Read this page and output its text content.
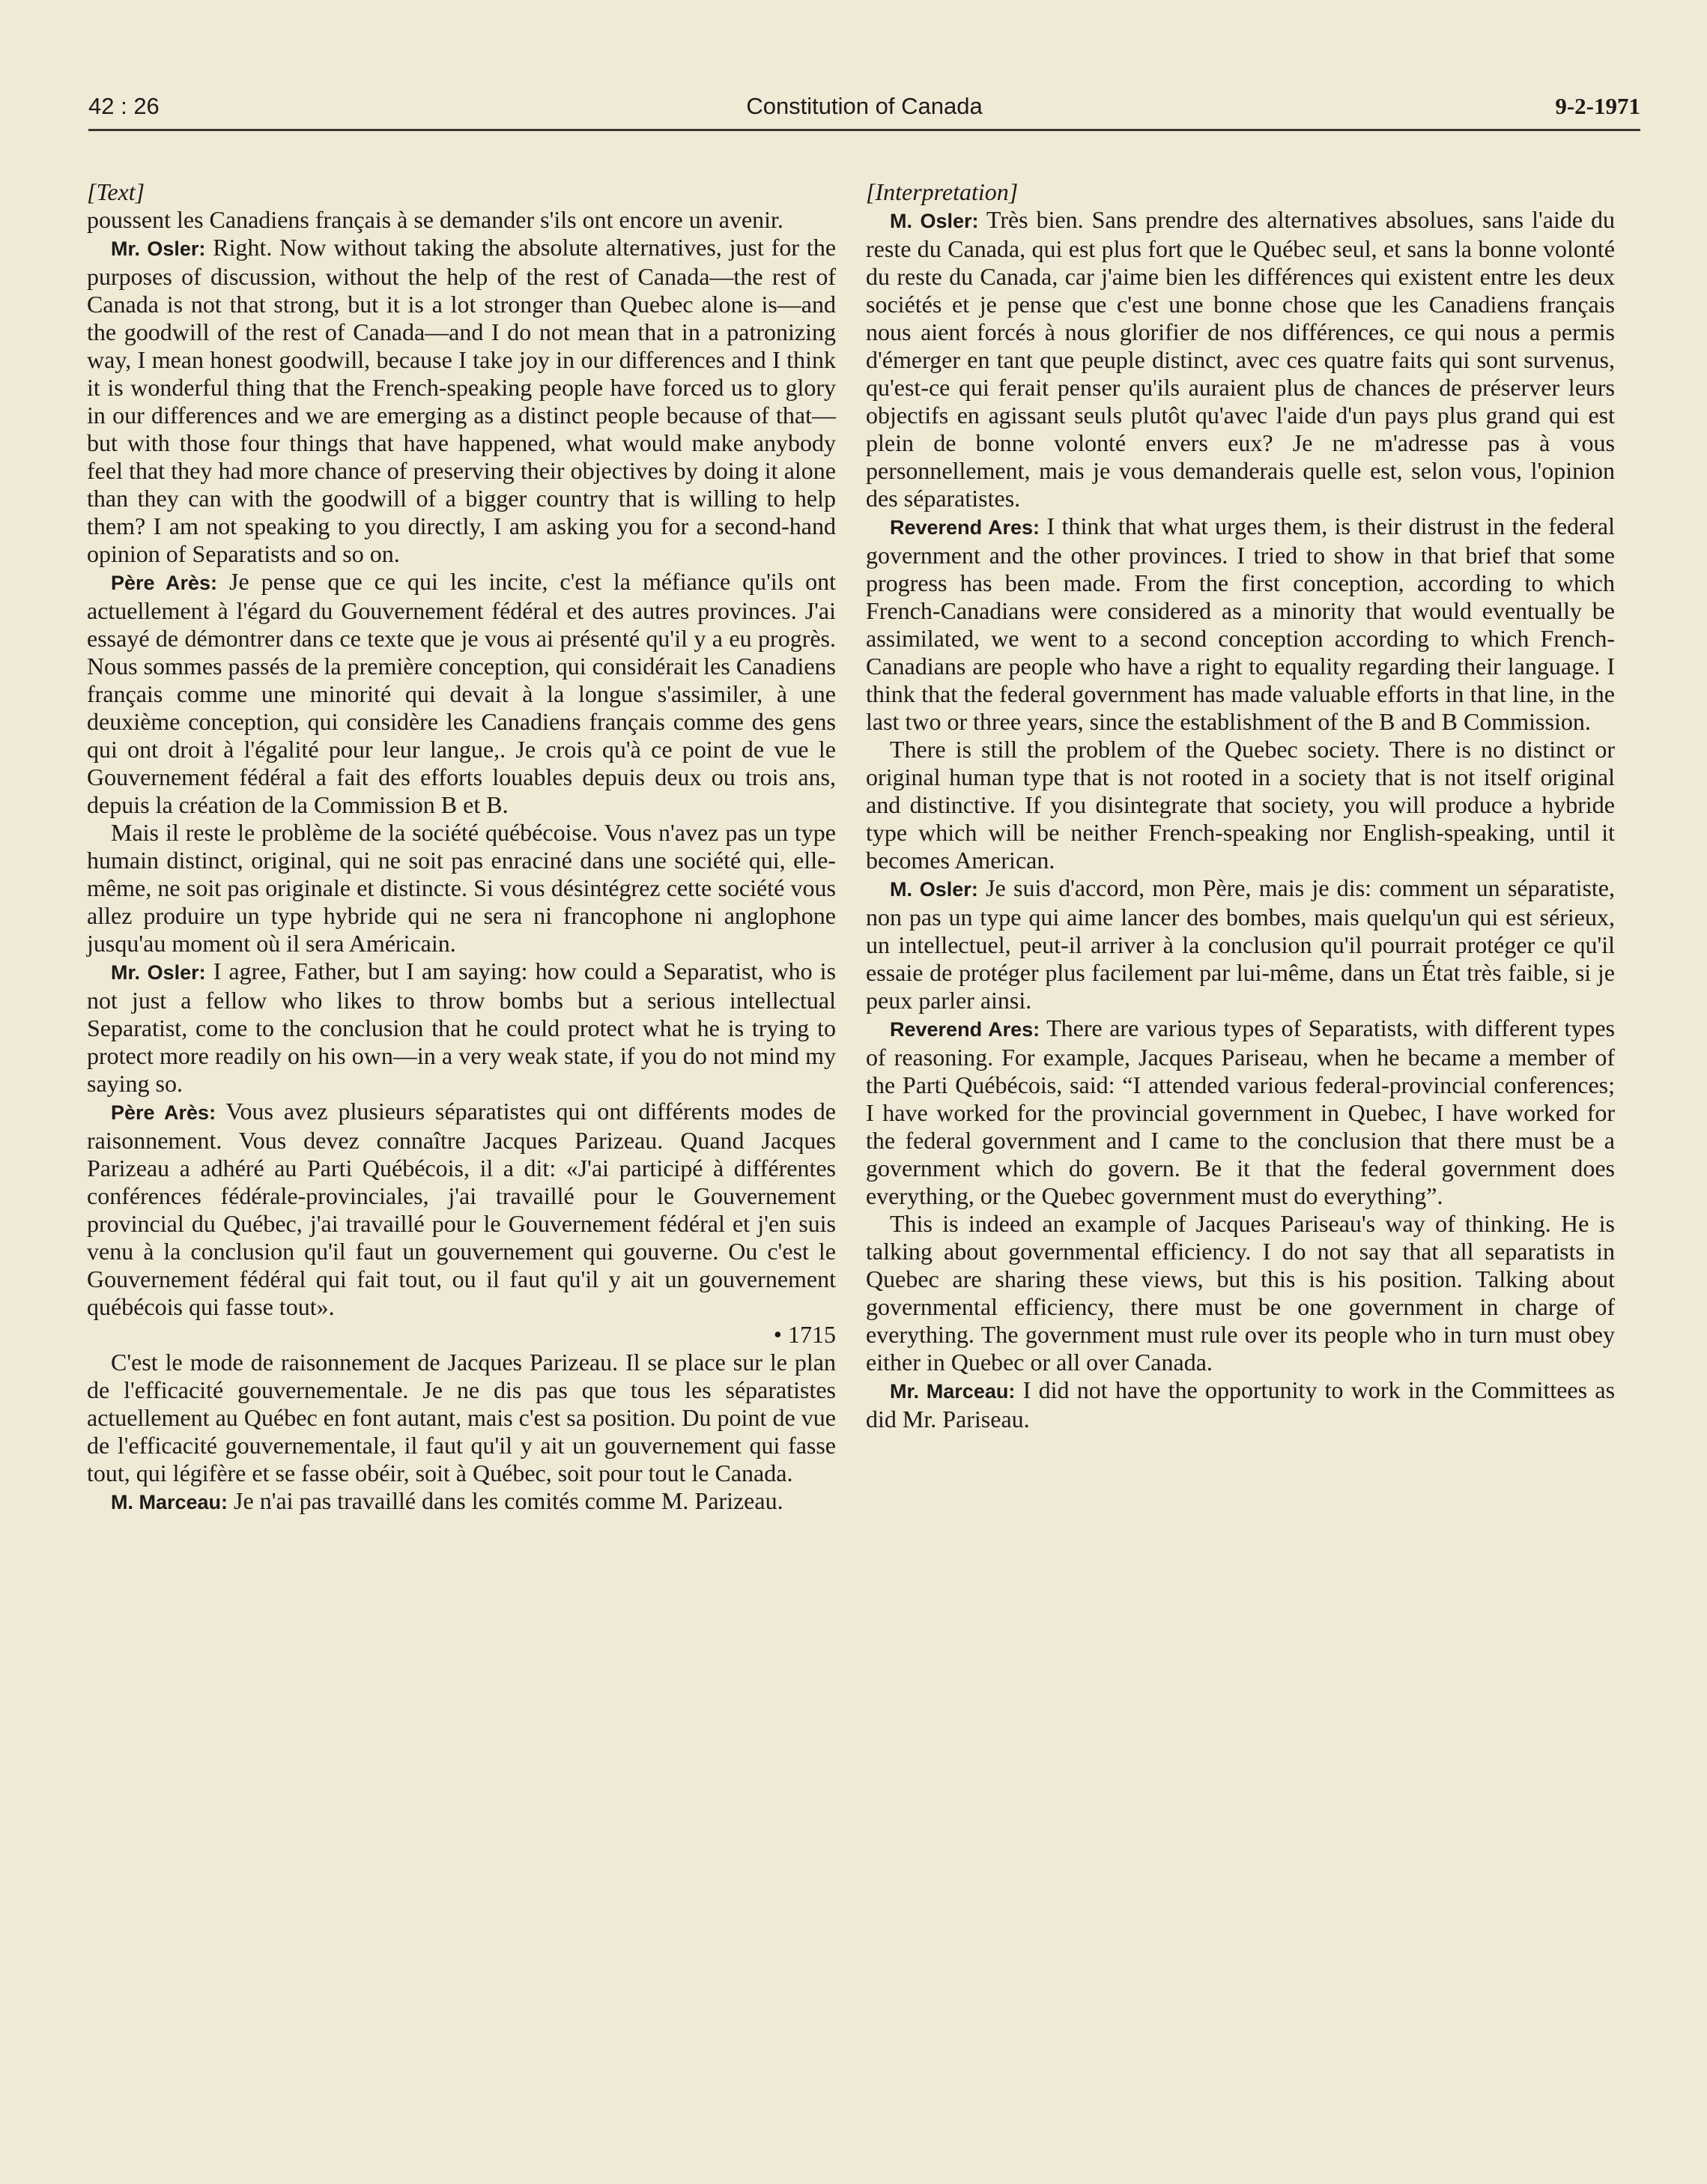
42 : 26	Constitution of Canada	9-2-1971

[Text]

poussent les Canadiens français à se demander s'ils ont encore un avenir.

Mr. Osler: Right. Now without taking the absolute alternatives, just for the purposes of discussion, without the help of the rest of Canada—the rest of Canada is not that strong, but it is a lot stronger than Quebec alone is—and the goodwill of the rest of Canada—and I do not mean that in a patronizing way, I mean honest goodwill, because I take joy in our differences and I think it is wonderful thing that the French-speaking people have forced us to glory in our differences and we are emerging as a distinct people because of that—but with those four things that have happened, what would make anybody feel that they had more chance of preserving their objectives by doing it alone than they can with the goodwill of a bigger country that is willing to help them? I am not speaking to you directly, I am asking you for a second-hand opinion of Separatists and so on.

Père Arès: Je pense que ce qui les incite, c'est la méfiance qu'ils ont actuellement à l'égard du Gouvernement fédéral et des autres provinces. J'ai essayé de démontrer dans ce texte que je vous ai présenté qu'il y a eu progrès. Nous sommes passés de la première conception, qui considérait les Canadiens français comme une minorité qui devait à la longue s'assimiler, à une deuxième conception, qui considère les Canadiens français comme des gens qui ont droit à l'égalité pour leur langue,. Je crois qu'à ce point de vue le Gouvernement fédéral a fait des efforts louables depuis deux ou trois ans, depuis la création de la Commission B et B.

Mais il reste le problème de la société québécoise. Vous n'avez pas un type humain distinct, original, qui ne soit pas enraciné dans une société qui, elle-même, ne soit pas originale et distincte. Si vous désintégrez cette société vous allez produire un type hybride qui ne sera ni francophone ni anglophone jusqu'au moment où il sera Américain.

Mr. Osler: I agree, Father, but I am saying: how could a Separatist, who is not just a fellow who likes to throw bombs but a serious intellectual Separatist, come to the conclusion that he could protect what he is trying to protect more readily on his own—in a very weak state, if you do not mind my saying so.

Père Arès: Vous avez plusieurs séparatistes qui ont différents modes de raisonnement. Vous devez connaître Jacques Parizeau. Quand Jacques Parizeau a adhéré au Parti Québécois, il a dit: «J'ai participé à différentes conférences fédérale-provinciales, j'ai travaillé pour le Gouvernement provincial du Québec, j'ai travaillé pour le Gouvernement fédéral et j'en suis venu à la conclusion qu'il faut un gouvernement qui gouverne. Ou c'est le Gouvernement fédéral qui fait tout, ou il faut qu'il y ait un gouvernement québécois qui fasse tout».

• 1715

C'est le mode de raisonnement de Jacques Parizeau. Il se place sur le plan de l'efficacité gouvernementale. Je ne dis pas que tous les séparatistes actuellement au Québec en font autant, mais c'est sa position. Du point de vue de l'efficacité gouvernementale, il faut qu'il y ait un gouvernement qui fasse tout, qui légifère et se fasse obéir, soit à Québec, soit pour tout le Canada.

M. Marceau: Je n'ai pas travaillé dans les comités comme M. Parizeau.

[Interpretation]

M. Osler: Très bien. Sans prendre des alternatives absolues, sans l'aide du reste du Canada, qui est plus fort que le Québec seul, et sans la bonne volonté du reste du Canada, car j'aime bien les différences qui existent entre les deux sociétés et je pense que c'est une bonne chose que les Canadiens français nous aient forcés à nous glorifier de nos différences, ce qui nous a permis d'émerger en tant que peuple distinct, avec ces quatre faits qui sont survenus, qu'est-ce qui ferait penser qu'ils auraient plus de chances de préserver leurs objectifs en agissant seuls plutôt qu'avec l'aide d'un pays plus grand qui est plein de bonne volonté envers eux? Je ne m'adresse pas à vous personnellement, mais je vous demanderais quelle est, selon vous, l'opinion des séparatistes.

Reverend Ares: I think that what urges them, is their distrust in the federal government and the other provinces. I tried to show in that brief that some progress has been made. From the first conception, according to which French-Canadians were considered as a minority that would eventually be assimilated, we went to a second conception according to which French-Canadians are people who have a right to equality regarding their language. I think that the federal government has made valuable efforts in that line, in the last two or three years, since the establishment of the B and B Commission.

There is still the problem of the Quebec society. There is no distinct or original human type that is not rooted in a society that is not itself original and distinctive. If you disintegrate that society, you will produce a hybride type which will be neither French-speaking nor English-speaking, until it becomes American.

M. Osler: Je suis d'accord, mon Père, mais je dis: comment un séparatiste, non pas un type qui aime lancer des bombes, mais quelqu'un qui est sérieux, un intellectuel, peut-il arriver à la conclusion qu'il pourrait protéger ce qu'il essaie de protéger plus facilement par lui-même, dans un État très faible, si je peux parler ainsi.

Reverend Ares: There are various types of Separatists, with different types of reasoning. For example, Jacques Pariseau, when he became a member of the Parti Québécois, said: “I attended various federal-provincial conferences; I have worked for the provincial government in Quebec, I have worked for the federal government and I came to the conclusion that there must be a government which do govern. Be it that the federal government does everything, or the Quebec government must do everything”.

This is indeed an example of Jacques Pariseau's way of thinking. He is talking about governmental efficiency. I do not say that all separatists in Quebec are sharing these views, but this is his position. Talking about governmental efficiency, there must be one government in charge of everything. The government must rule over its people who in turn must obey either in Quebec or all over Canada.

Mr. Marceau: I did not have the opportunity to work in the Committees as did Mr. Pariseau.
